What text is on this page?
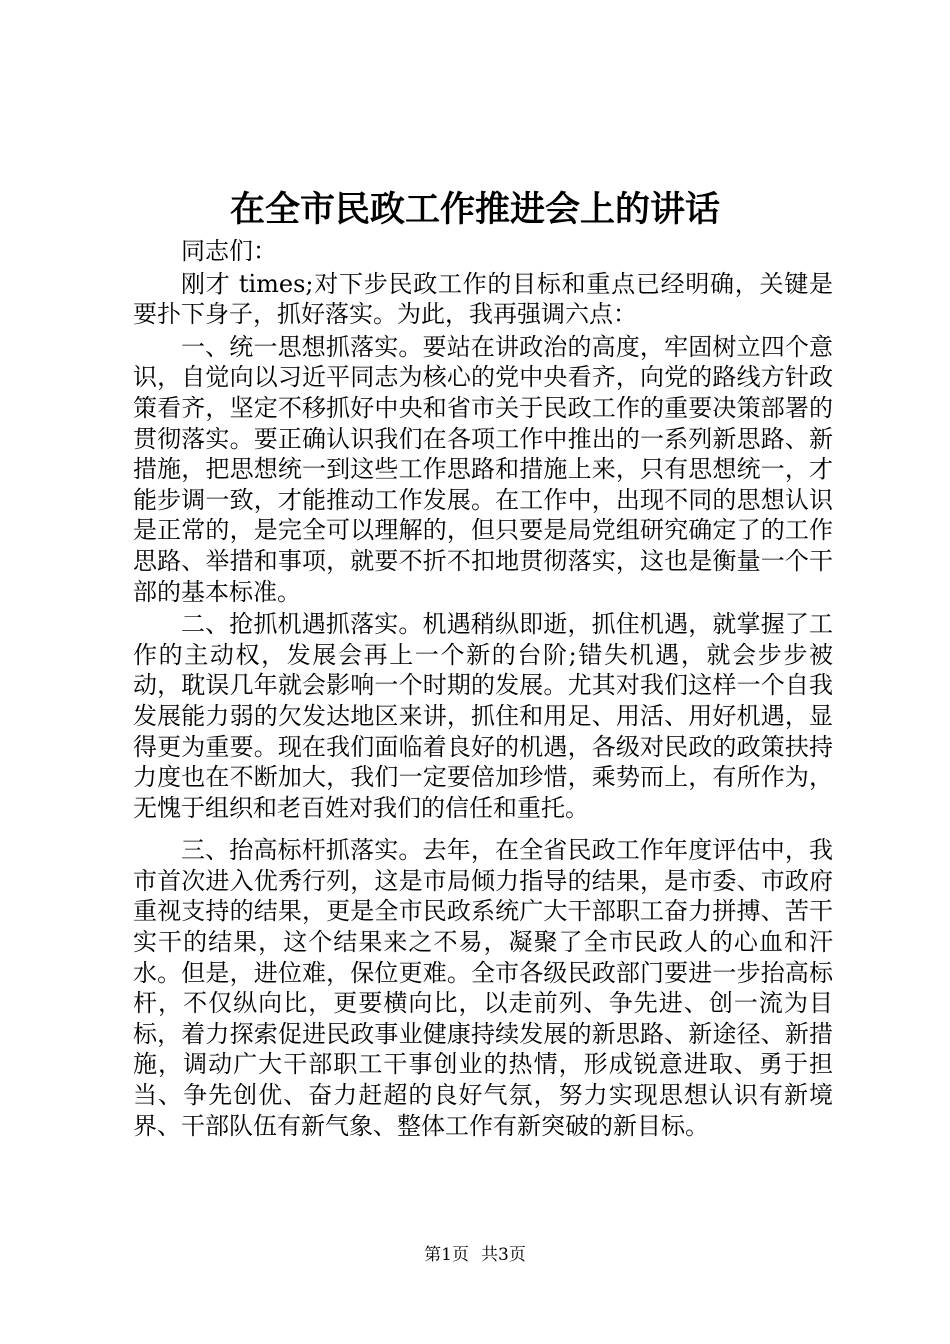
在全市民政工作推进会上的讲话

同志们：

刚才 times;对下步民政工作的目标和重点已经明确，关键是要扑下身子，抓好落实。为此，我再强调六点：

一、统一思想抓落实。要站在讲政治的高度，牢固树立四个意识，自觉向以习近平同志为核心的党中央看齐，向党的路线方针政策看齐，坚定不移抓好中央和省市关于民政工作的重要决策部署的贯彻落实。要正确认识我们在各项工作中推出的一系列新思路、新措施，把思想统一到这些工作思路和措施上来，只有思想统一，才能步调一致，才能推动工作发展。在工作中，出现不同的思想认识是正常的，是完全可以理解的，但只要是局党组研究确定了的工作思路、举措和事项，就要不折不扣地贯彻落实，这也是衡量一个干部的基本标准。

二、抢抓机遇抓落实。机遇稍纵即逝，抓住机遇，就掌握了工作的主动权，发展会再上一个新的台阶;错失机遇，就会步步被动，耽误几年就会影响一个时期的发展。尤其对我们这样一个自我发展能力弱的欠发达地区来讲，抓住和用足、用活、用好机遇，显得更为重要。现在我们面临着良好的机遇，各级对民政的政策扶持力度也在不断加大，我们一定要倍加珍惜，乘势而上，有所作为，无愧于组织和老百姓对我们的信任和重托。

三、抬高标杆抓落实。去年，在全省民政工作年度评估中，我市首次进入优秀行列，这是市局倾力指导的结果，是市委、市政府重视支持的结果，更是全市民政系统广大干部职工奋力拼搏、苦干实干的结果，这个结果来之不易，凝聚了全市民政人的心血和汗水。但是，进位难，保位更难。全市各级民政部门要进一步抬高标杆，不仅纵向比，更要横向比，以走前列、争先进、创一流为目标，着力探索促进民政事业健康持续发展的新思路、新途径、新措施，调动广大干部职工干事创业的热情，形成锐意进取、勇于担当、争先创优、奋力赶超的良好气氛，努力实现思想认识有新境界、干部队伍有新气象、整体工作有新突破的新目标。

第1页 共3页
